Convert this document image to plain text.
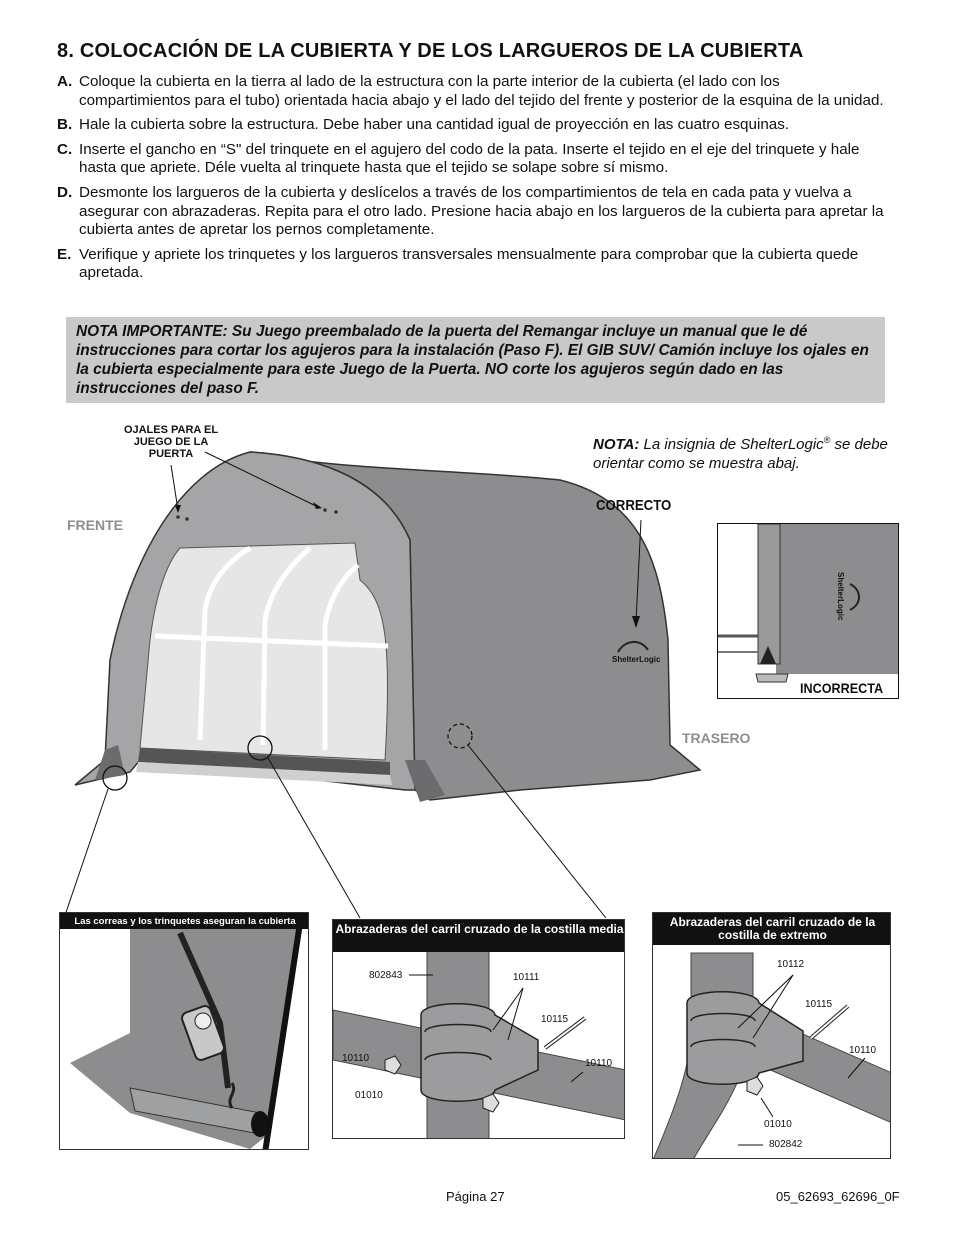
8. COLOCACIÓN DE LA CUBIERTA Y DE LOS LARGUEROS DE LA CUBIERTA
A. Coloque la cubierta en la tierra al lado de la estructura con la parte interior de la cubierta (el lado con los compartimientos para el tubo) orientada hacia abajo y el lado del tejido del frente y posterior de la esquina de la unidad.
B. Hale la cubierta sobre la estructura. Debe haber una cantidad igual de proyección en las cuatro esquinas.
C. Inserte el gancho en “S" del trinquete en el agujero del codo de la pata. Inserte el tejido en el eje del trinquete y hale hasta que apriete. Déle vuelta al trinquete hasta que el tejido se solape sobre sí mismo.
D. Desmonte los largueros de la cubierta y deslícelos a través de los compartimientos de tela en cada pata y vuelva a asegurar con abrazaderas. Repita para el otro lado. Presione hacia abajo en los largueros de la cubierta para apretar la cubierta antes de apretar los pernos completamente.
E. Verifique y apriete los trinquetes y los largueros transversales mensualmente para comprobar que la cubierta quede apretada.
NOTA IMPORTANTE: Su Juego preembalado de la puerta del Remangar incluye un manual que le dé instrucciones para cortar los agujeros para la instalación (Paso F). El GIB SUV/ Camión incluye los ojales en la cubierta especialmente para este Juego de la Puerta. NO corte los agujeros según dado en las instrucciones del paso F.
ShelterLogic
OJALES PARA EL JUEGO DE LA PUERTA
FRENTE
TRASERO
NOTA: La insignia de ShelterLogic® se debe orientar como se muestra abaj.
CORRECTO
ShelterLogic
INCORRECTA
Las correas y los trinquetes aseguran la cubierta
Abrazaderas del carril cruzado de la costilla media
802843	10111
10115
10110	10110
01010
Abrazaderas del carril cruzado de la costilla de extremo
10112
10115
10110
01010
802842
Página 27	05_62693_62696_0F
